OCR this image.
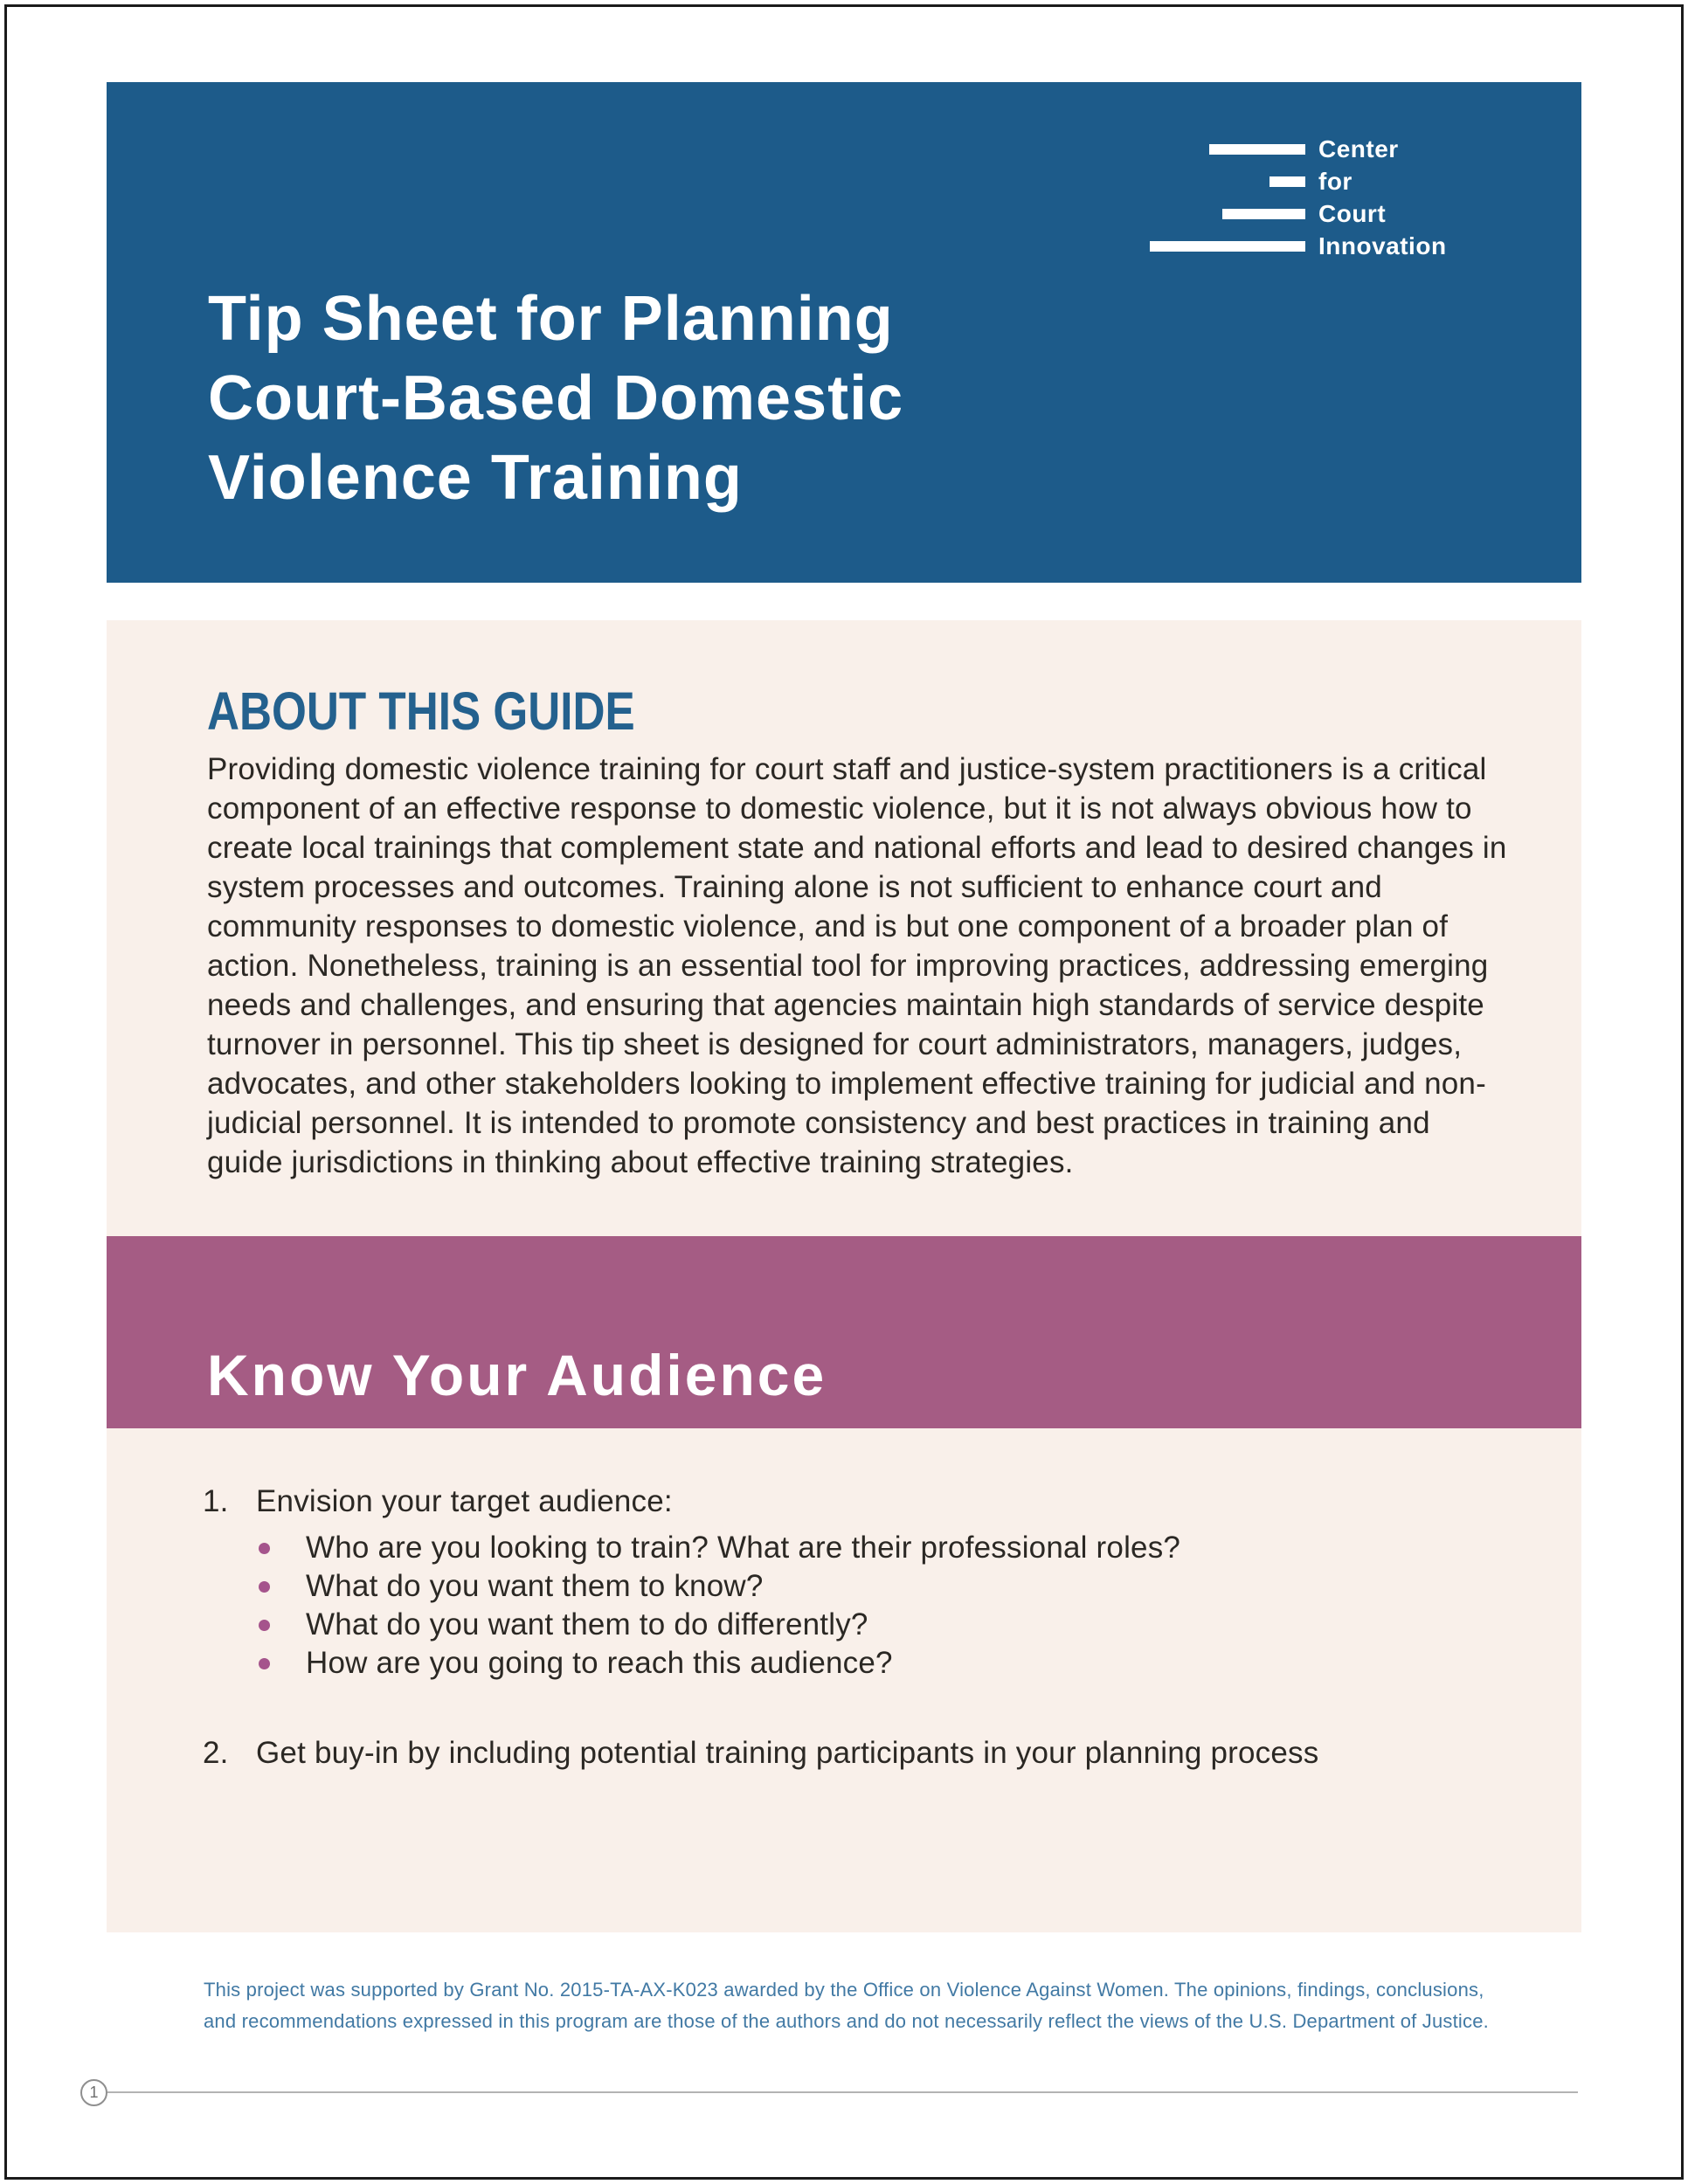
Center
for
Court
Innovation
Tip Sheet for Planning
Court-Based Domestic
Violence Training
ABOUT THIS GUIDE
Providing domestic violence training for court staff and justice-system practitioners is a critical component of an effective response to domestic violence, but it is not always obvious how to create local trainings that complement state and national efforts and lead to desired changes in system processes and outcomes. Training alone is not sufficient to enhance court and community responses to domestic violence, and is but one component of a broader plan of action. Nonetheless, training is an essential tool for improving practices, addressing emerging needs and challenges, and ensuring that agencies maintain high standards of service despite turnover in personnel. This tip sheet is designed for court administrators, managers, judges, advocates, and other stakeholders looking to implement effective training for judicial and non-judicial personnel. It is intended to promote consistency and best practices in training and guide jurisdictions in thinking about effective training strategies.
Know Your Audience
1. Envision your target audience:
Who are you looking to train? What are their professional roles?
What do you want them to know?
What do you want them to do differently?
How are you going to reach this audience?
2. Get buy-in by including potential training participants in your planning process
This project was supported by Grant No. 2015-TA-AX-K023 awarded by the Office on Violence Against Women. The opinions, findings, conclusions, and recommendations expressed in this program are those of the authors and do not necessarily reflect the views of the U.S. Department of Justice.
1
